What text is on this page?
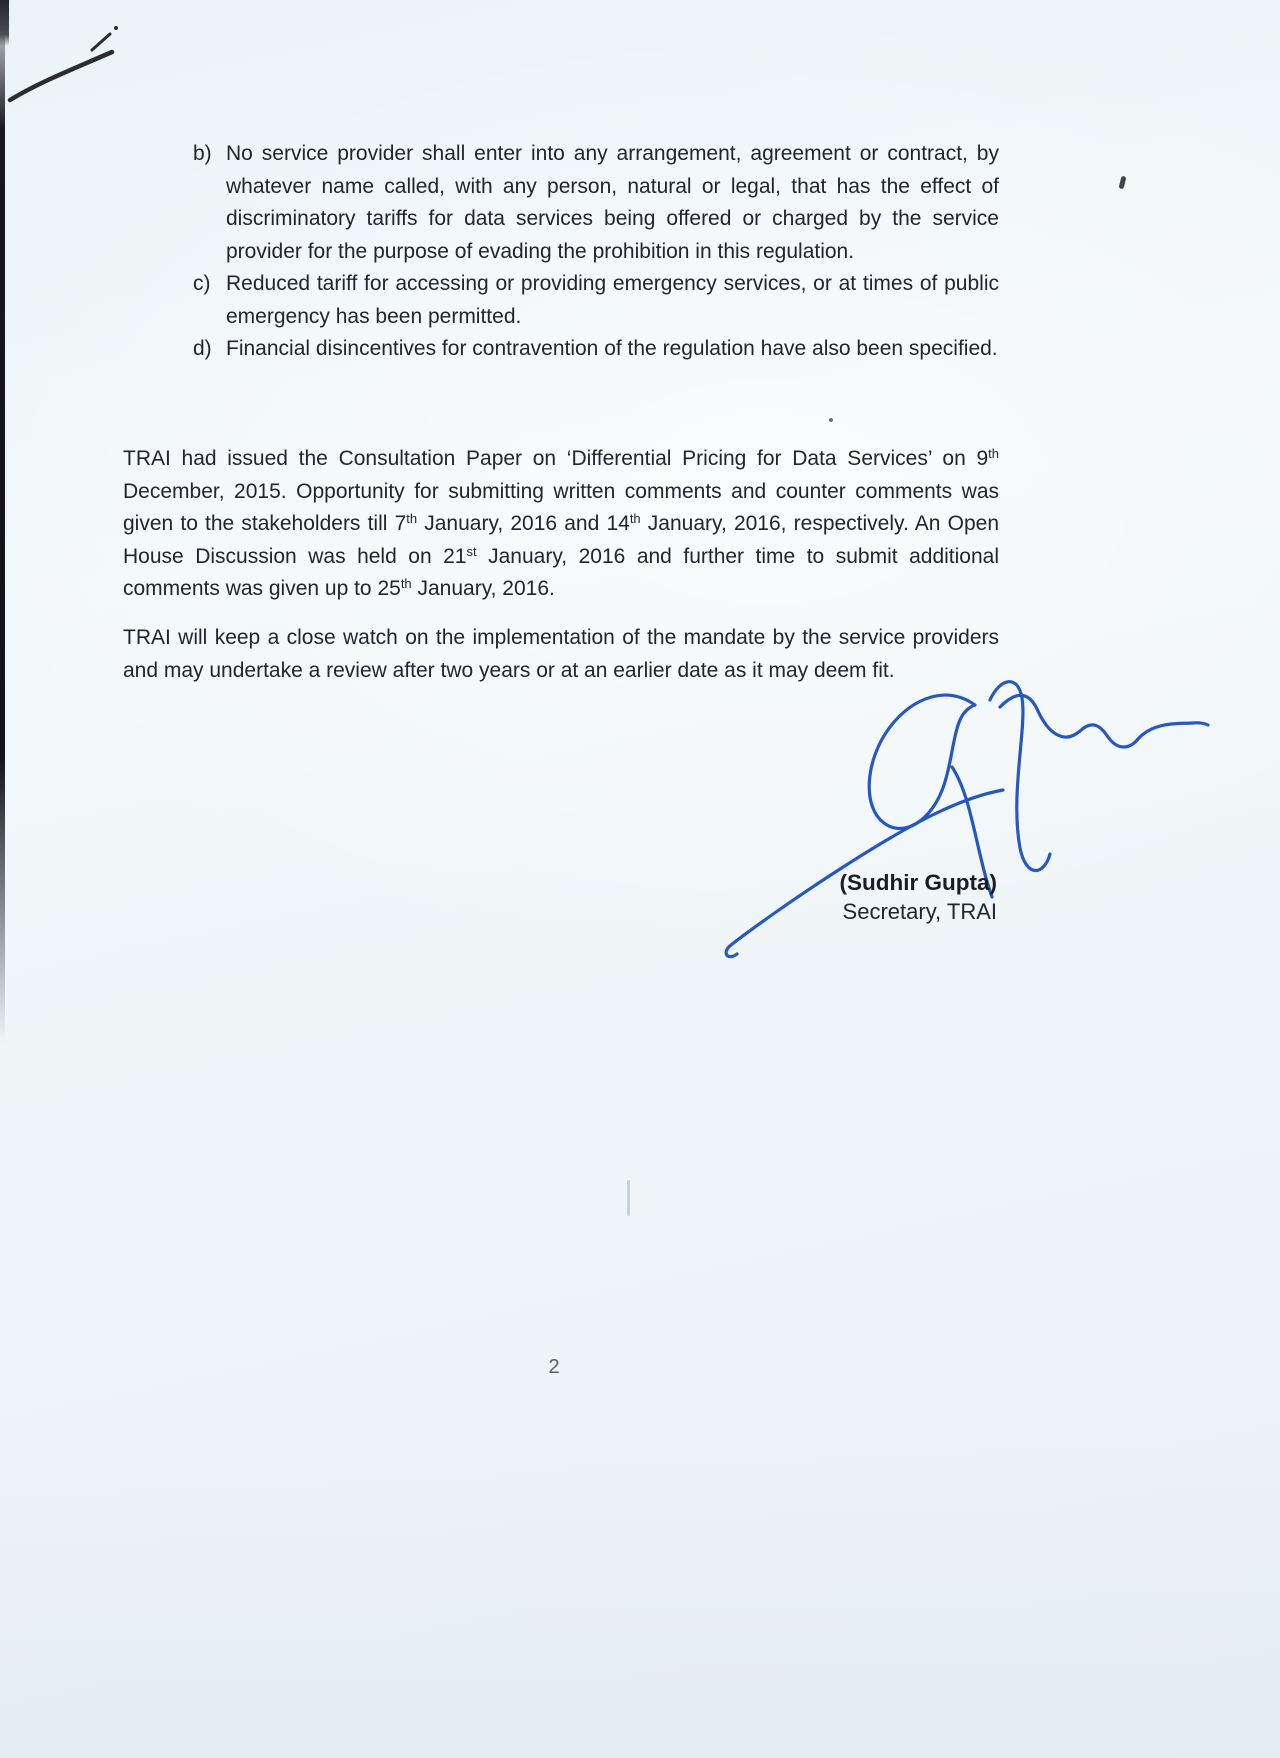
b) No service provider shall enter into any arrangement, agreement or contract, by whatever name called, with any person, natural or legal, that has the effect of discriminatory tariffs for data services being offered or charged by the service provider for the purpose of evading the prohibition in this regulation.
c) Reduced tariff for accessing or providing emergency services, or at times of public emergency has been permitted.
d) Financial disincentives for contravention of the regulation have also been specified.

TRAI had issued the Consultation Paper on ‘Differential Pricing for Data Services’ on 9th December, 2015. Opportunity for submitting written comments and counter comments was given to the stakeholders till 7th January, 2016 and 14th January, 2016, respectively. An Open House Discussion was held on 21st January, 2016 and further time to submit additional comments was given up to 25th January, 2016.

TRAI will keep a close watch on the implementation of the mandate by the service providers and may undertake a review after two years or at an earlier date as it may deem fit.

(Sudhir Gupta)
Secretary, TRAI
2
